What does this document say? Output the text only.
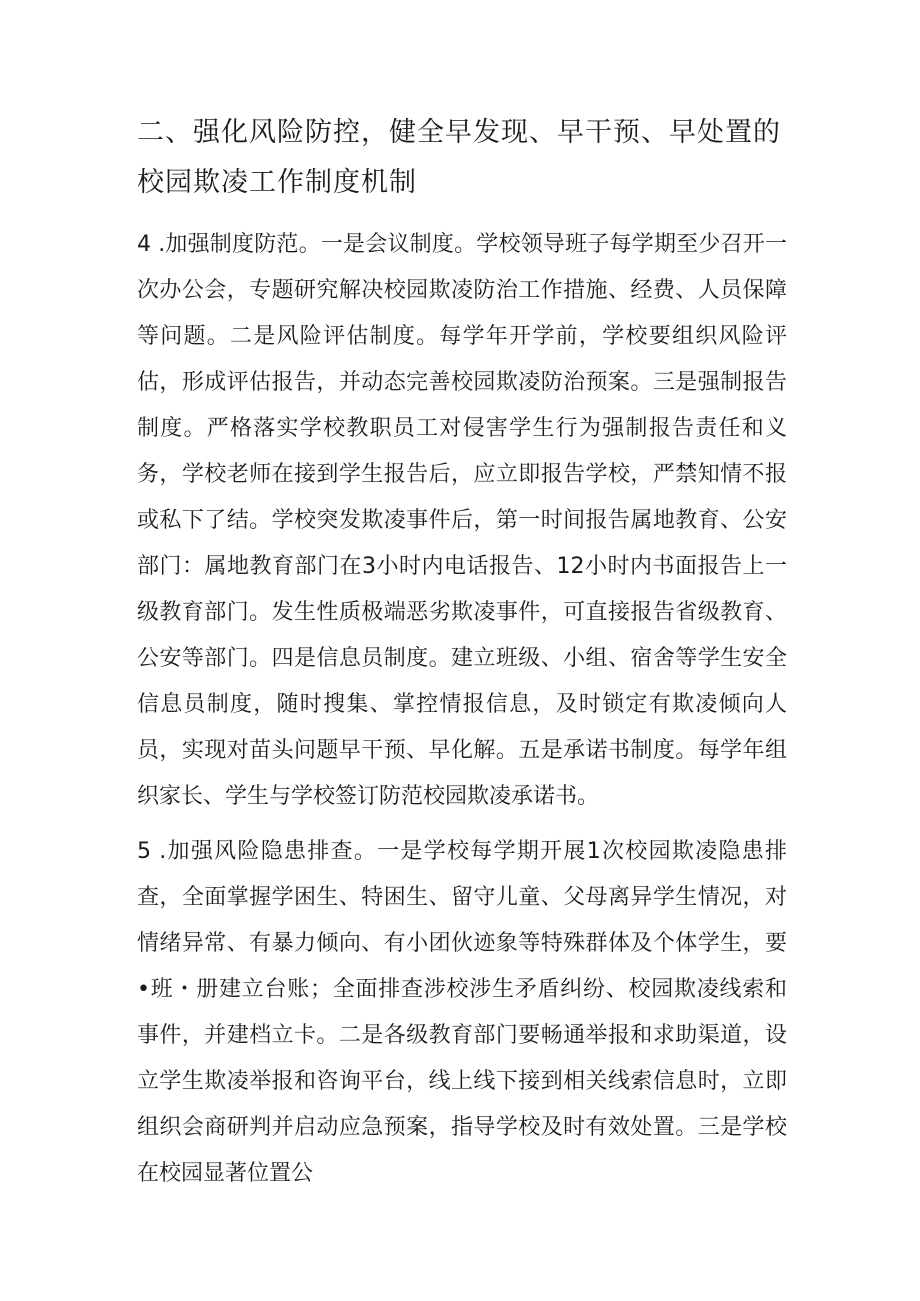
二、强化风险防控，健全早发现、早干预、早处置的校园欺凌工作制度机制

4 .加强制度防范。一是会议制度。学校领导班子每学期至少召开一次办公会，专题研究解决校园欺凌防治工作措施、经费、人员保障等问题。二是风险评估制度。每学年开学前，学校要组织风险评估，形成评估报告，并动态完善校园欺凌防治预案。三是强制报告制度。严格落实学校教职员工对侵害学生行为强制报告责任和义务，学校老师在接到学生报告后，应立即报告学校，严禁知情不报或私下了结。学校突发欺凌事件后，第一时间报告属地教育、公安部门：属地教育部门在3小时内电话报告、12小时内书面报告上一级教育部门。发生性质极端恶劣欺凌事件，可直接报告省级教育、公安等部门。四是信息员制度。建立班级、小组、宿舍等学生安全信息员制度，随时搜集、掌控情报信息，及时锁定有欺凌倾向人员，实现对苗头问题早干预、早化解。五是承诺书制度。每学年组织家长、学生与学校签订防范校园欺凌承诺书。

5 .加强风险隐患排查。一是学校每学期开展1次校园欺凌隐患排查，全面掌握学困生、特困生、留守儿童、父母离异学生情况，对情绪异常、有暴力倾向、有小团伙迹象等特殊群体及个体学生，要•班・册建立台账；全面排查涉校涉生矛盾纠纷、校园欺凌线索和事件，并建档立卡。二是各级教育部门要畅通举报和求助渠道，设立学生欺凌举报和咨询平台，线上线下接到相关线索信息时，立即组织会商研判并启动应急预案，指导学校及时有效处置。三是学校在校园显著位置公
